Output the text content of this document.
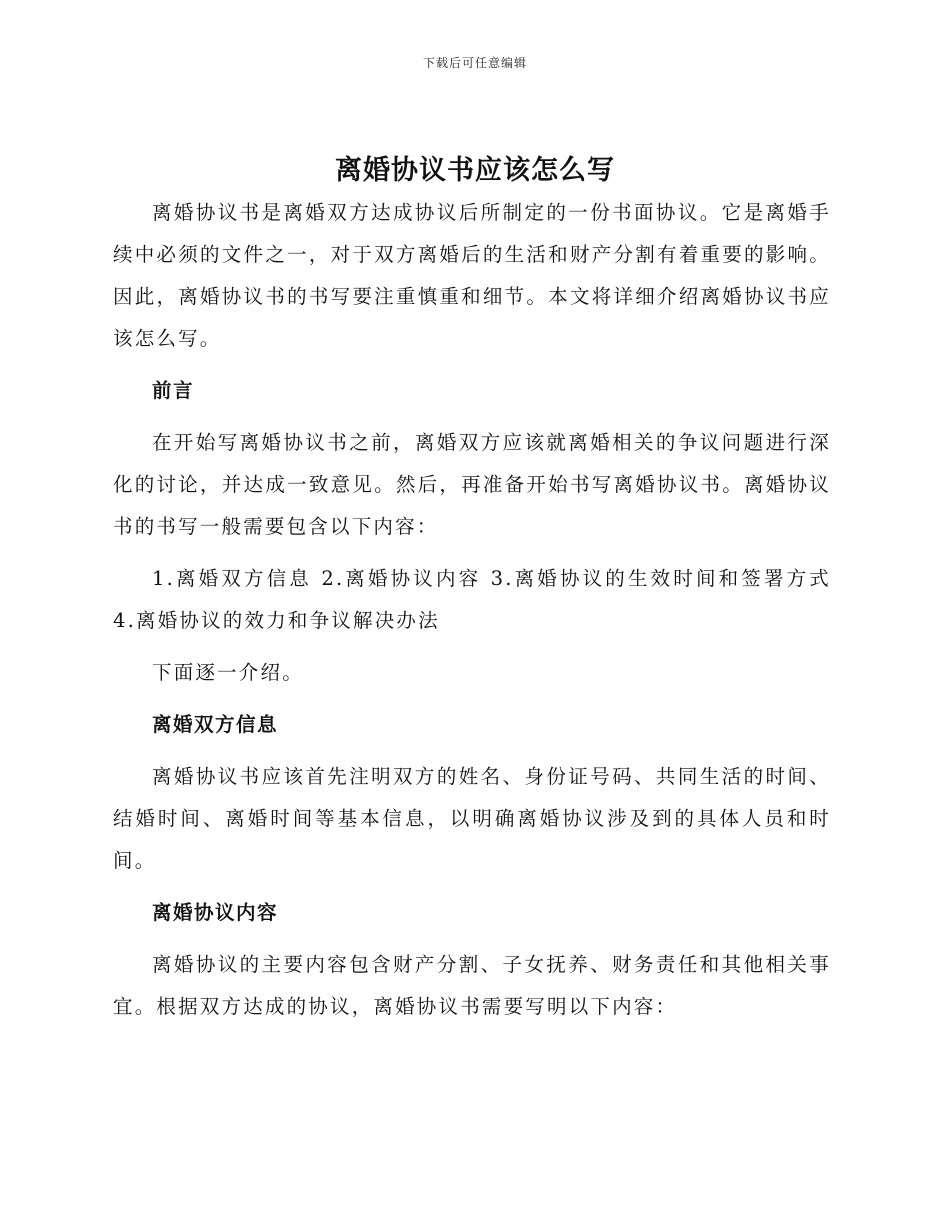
下载后可任意编辑
离婚协议书应该怎么写

离婚协议书是离婚双方达成协议后所制定的一份书面协议。它是离婚手续中必须的文件之一，对于双方离婚后的生活和财产分割有着重要的影响。因此，离婚协议书的书写要注重慎重和细节。本文将详细介绍离婚协议书应该怎么写。

前言

在开始写离婚协议书之前，离婚双方应该就离婚相关的争议问题进行深化的讨论，并达成一致意见。然后，再准备开始书写离婚协议书。离婚协议书的书写一般需要包含以下内容：

1.离婚双方信息 2.离婚协议内容 3.离婚协议的生效时间和签署方式 4.离婚协议的效力和争议解决办法

下面逐一介绍。

离婚双方信息

离婚协议书应该首先注明双方的姓名、身份证号码、共同生活的时间、结婚时间、离婚时间等基本信息，以明确离婚协议涉及到的具体人员和时间。

离婚协议内容

离婚协议的主要内容包含财产分割、子女抚养、财务责任和其他相关事宜。根据双方达成的协议，离婚协议书需要写明以下内容：
